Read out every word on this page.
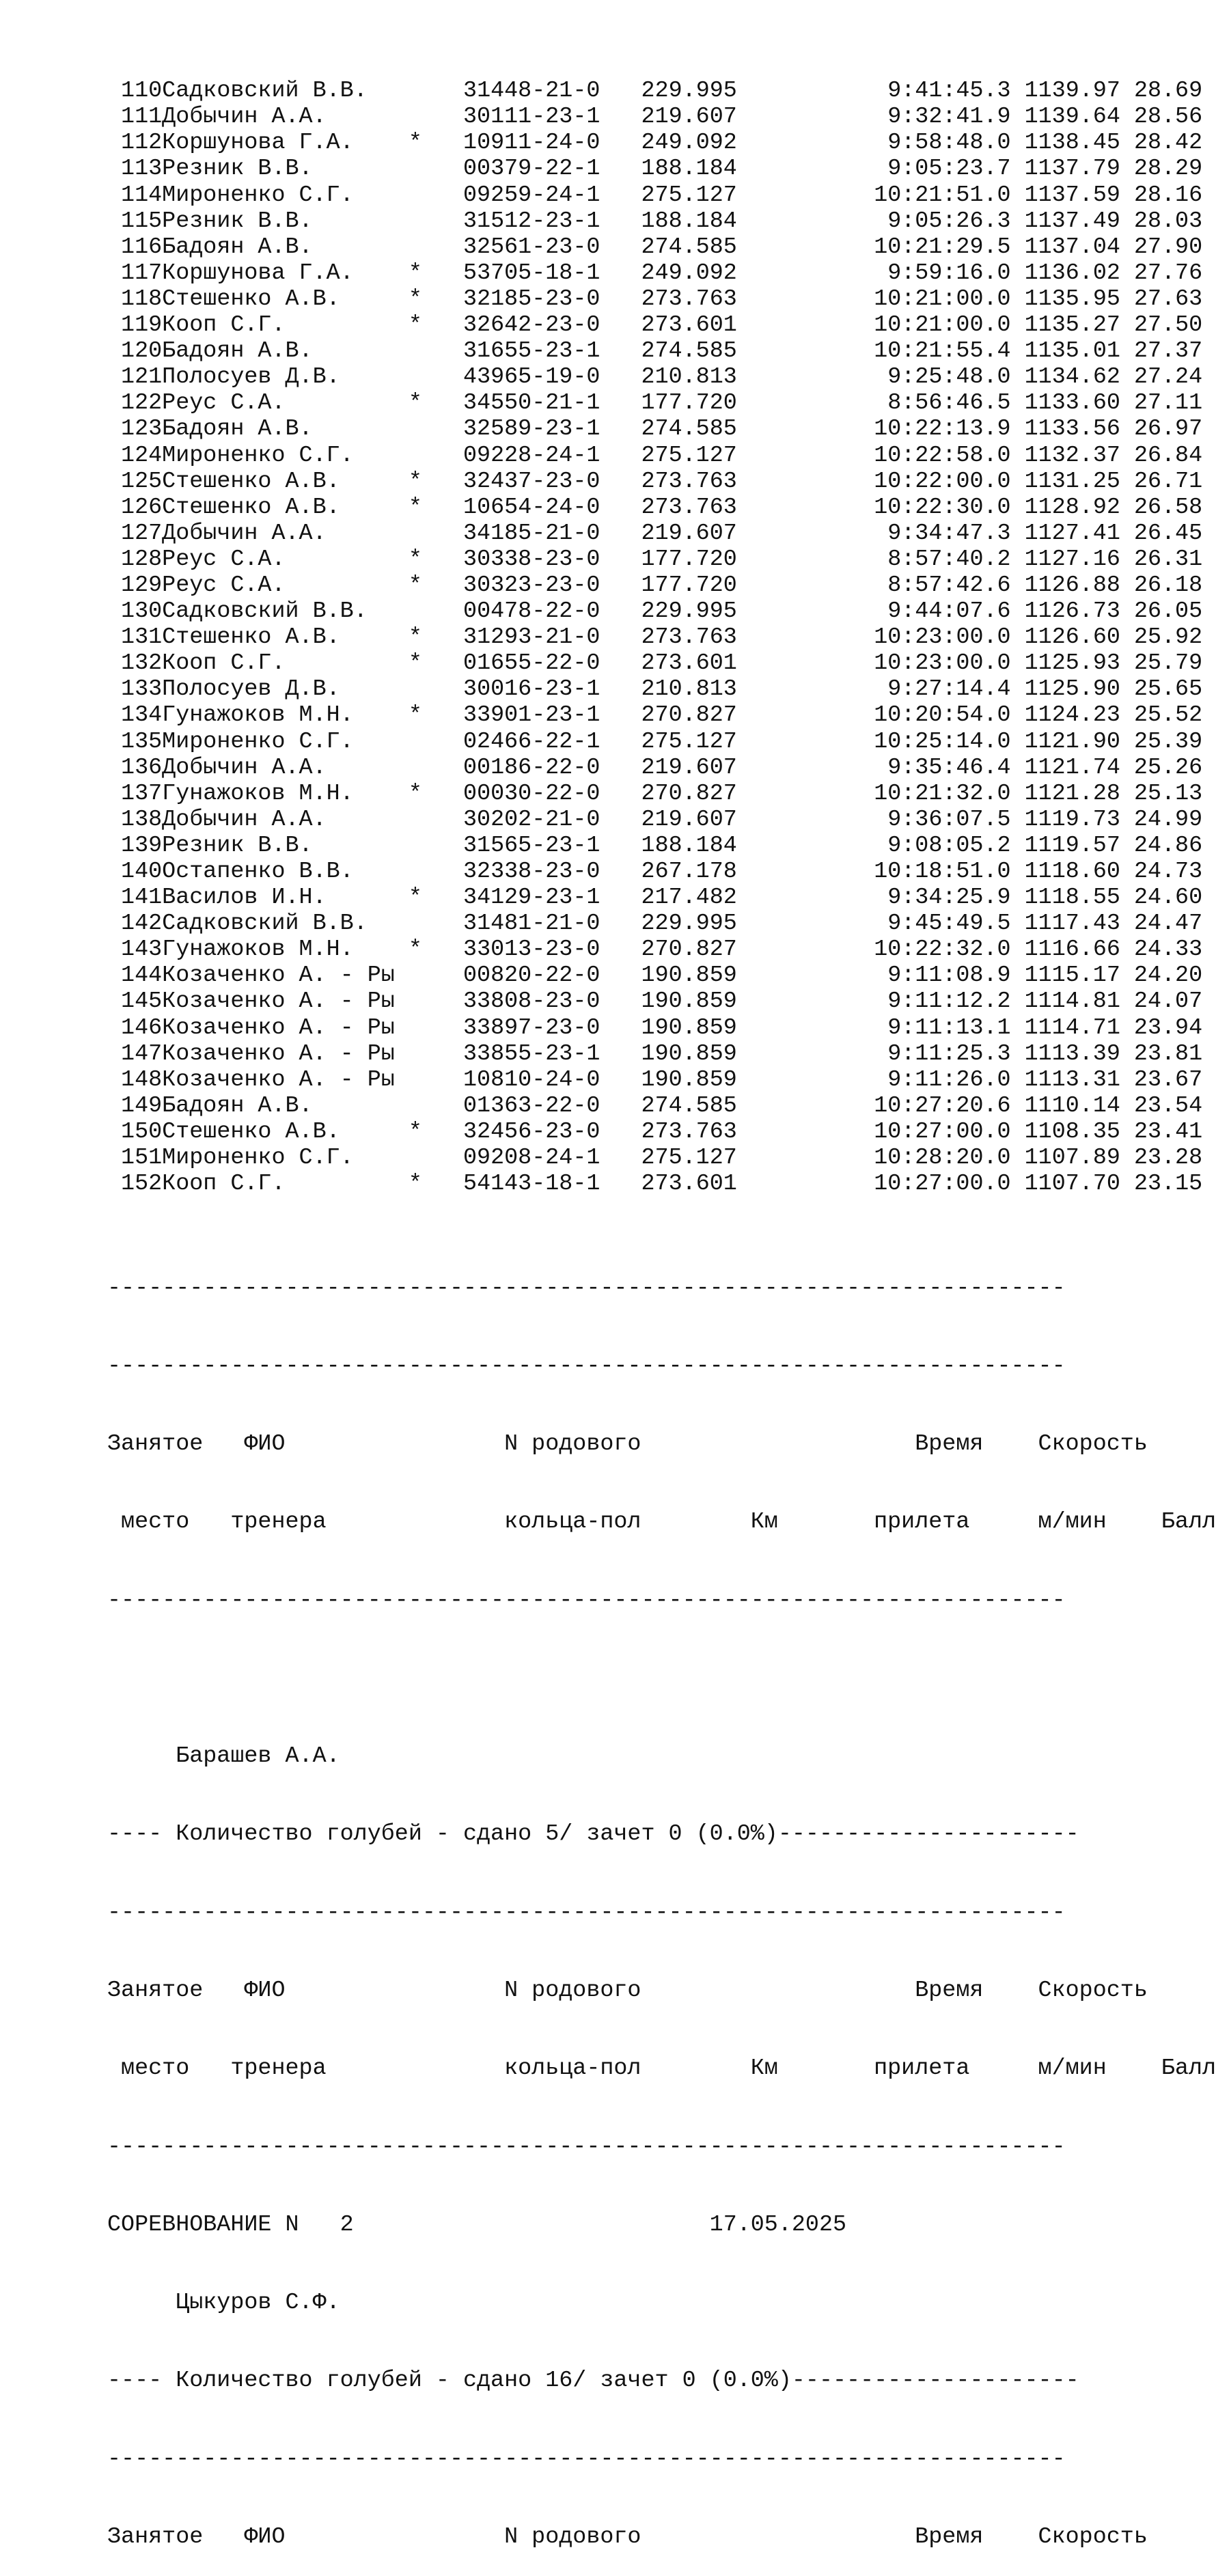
110Садковский В.В.	31448-21-0 229.995	9:41:45.3 1139.97 28.69
111Добычин А.А.	30111-23-1 219.607	9:32:41.9 1139.64 28.56
112Коршунова Г.А. * 10911-24-0 249.092	9:58:48.0 1138.45 28.42
113Резник В.В.	00379-22-1 188.184	9:05:23.7 1137.79 28.29
114Мироненко С.Г.	09259-24-1 275.127	10:21:51.0 1137.59 28.16
115Резник В.В.	31512-23-1 188.184	9:05:26.3 1137.49 28.03
116Бадоян А.В.	32561-23-0 274.585	10:21:29.5 1137.04 27.90
117Коршунова Г.А. * 53705-18-1 249.092	9:59:16.0 1136.02 27.76
118Стешенко А.В.	* 32185-23-0 273.763	10:21:00.0 1135.95 27.63
119Кооп С.Г.	* 32642-23-0 273.601	10:21:00.0 1135.27 27.50
120Бадоян А.В.	31655-23-1 274.585	10:21:55.4 1135.01 27.37
121Полосуев Д.В.	43965-19-0 210.813	9:25:48.0 1134.62 27.24
122Реус С.А.	* 34550-21-1 177.720	8:56:46.5 1133.60 27.11
123Бадоян А.В.	32589-23-1 274.585	10:22:13.9 1133.56 26.97
124Мироненко С.Г.	09228-24-1 275.127	10:22:58.0 1132.37 26.84
125Стешенко А.В.	* 32437-23-0 273.763	10:22:00.0 1131.25 26.71
126Стешенко А.В.	* 10654-24-0 273.763	10:22:30.0 1128.92 26.58
127Добычин А.А.	34185-21-0 219.607	9:34:47.3 1127.41 26.45
128Реус С.А.	* 30338-23-0 177.720	8:57:40.2 1127.16 26.31
129Реус С.А.	* 30323-23-0 177.720	8:57:42.6 1126.88 26.18
130Садковский В.В.	00478-22-0 229.995	9:44:07.6 1126.73 26.05
131Стешенко А.В.	* 31293-21-0 273.763	10:23:00.0 1126.60 25.92
132Кооп С.Г.	* 01655-22-0 273.601	10:23:00.0 1125.93 25.79
133Полосуев Д.В.	30016-23-1 210.813	9:27:14.4 1125.90 25.65
134Гунажоков М.Н. * 33901-23-1 270.827	10:20:54.0 1124.23 25.52
135Мироненко С.Г.	02466-22-1 275.127	10:25:14.0 1121.90 25.39
136Добычин А.А.	00186-22-0 219.607	9:35:46.4 1121.74 25.26
137Гунажоков М.Н. * 00030-22-0 270.827	10:21:32.0 1121.28 25.13
138Добычин А.А.	30202-21-0 219.607	9:36:07.5 1119.73 24.99
139Резник В.В.	31565-23-1 188.184	9:08:05.2 1119.57 24.86
140Остапенко В.В.	32338-23-0 267.178	10:18:51.0 1118.60 24.73
141Василов И.Н.	* 34129-23-1 217.482	9:34:25.9 1118.55 24.60
142Садковский В.В.	31481-21-0 229.995	9:45:49.5 1117.43 24.47
143Гунажоков М.Н. * 33013-23-0 270.827	10:22:32.0 1116.66 24.33
144Козаченко А. - Ры	00820-22-0 190.859	9:11:08.9 1115.17 24.20
145Козаченко А. - Ры	33808-23-0 190.859	9:11:12.2 1114.81 24.07
146Козаченко А. - Ры	33897-23-0 190.859	9:11:13.1 1114.71 23.94
147Козаченко А. - Ры	33855-23-1 190.859	9:11:25.3 1113.39 23.81
148Козаченко А. - Ры	10810-24-0 190.859	9:11:26.0 1113.31 23.67
149Бадоян А.В.	01363-22-0 274.585	10:27:20.6 1110.14 23.54
150Стешенко А.В.	* 32456-23-0 273.763	10:27:00.0 1108.35 23.41
151Мироненко С.Г.	09208-24-1 275.127	10:28:20.0 1107.89 23.28
152Кооп С.Г.	* 54143-18-1 273.601	10:27:00.0 1107.70 23.15

----------------------------------------------------------------------

----------------------------------------------------------------------

Занятое   ФИО                N родового                    Время    Скорость

место   тренера             кольца-пол        Км       прилета     м/мин    Балл

----------------------------------------------------------------------

Барашев А.А.

---- Количество голубей - сдано 5/ зачет 0 (0.0%)----------------------

----------------------------------------------------------------------

Занятое   ФИО                N родового                    Время    Скорость

место   тренера             кольца-пол        Км       прилета     м/мин    Балл

----------------------------------------------------------------------

СОРЕВНОВАНИЕ N   2                          17.05.2025

Цыкуров С.Ф.

---- Количество голубей - сдано 16/ зачет 0 (0.0%)---------------------

----------------------------------------------------------------------

Занятое   ФИО                N родового                    Время    Скорость
